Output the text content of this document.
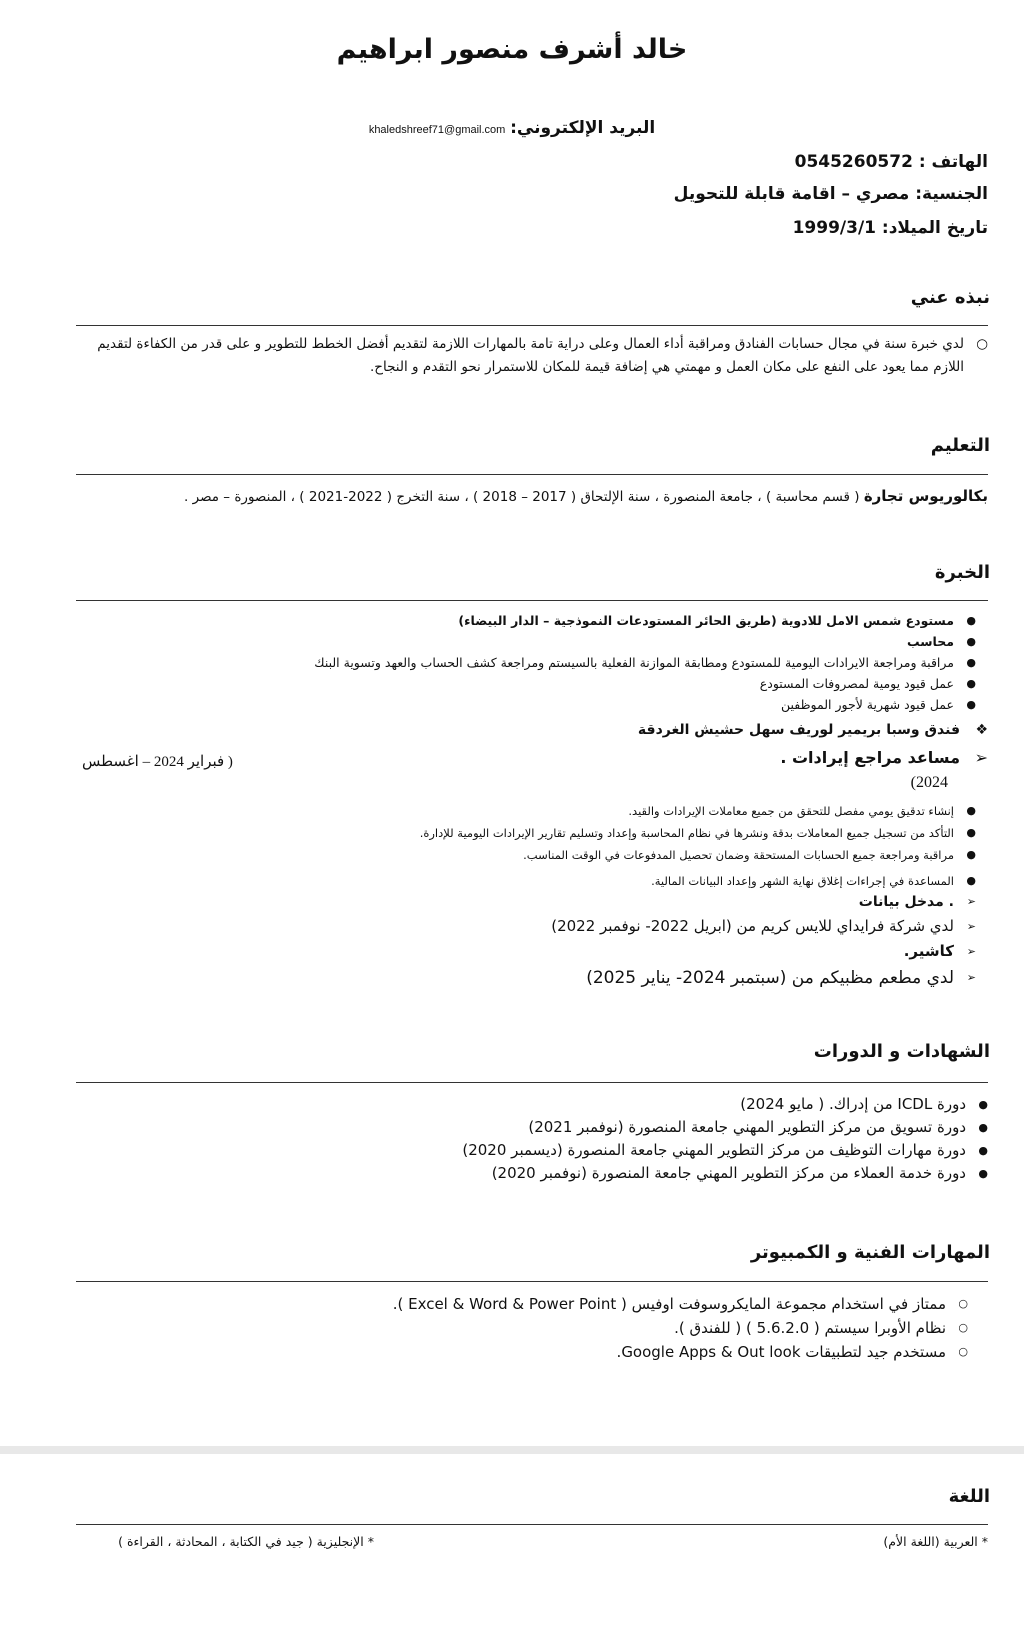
خالد أشرف منصور ابراهيم
البريد الإلكتروني: khaledshreef71@gmail.com
الهاتف : 0545260572
الجنسية: مصري – اقامة قابلة للتحويل
تاريخ الميلاد: 1999/3/1
نبذه عني
○
لدي خبرة سنة في مجال حسابات الفنادق ومراقبة أداء العمال وعلى دراية تامة بالمهارات اللازمة لتقديم أفضل الخطط للتطوير و على قدر من الكفاءة لتقديم
اللازم مما يعود على النفع على مكان العمل و مهمتي هي إضافة قيمة للمكان للاستمرار نحو التقدم و النجاح.
التعليم
بكالوريوس تجارة ( قسم محاسبة ) ، جامعة المنصورة ، سنة الإلتحاق ( 2017 – 2018 ) ، سنة التخرج ( 2022-2021 ) ، المنصورة – مصر .
الخبرة
●
مستودع شمس الامل للادوية (طريق الحائر المستودعات النموذجية – الدار البيضاء)
●
محاسب
●
مراقبة ومراجعة الايرادات اليومية للمستودع ومطابقة الموازنة الفعلية بالسيستم ومراجعة كشف الحساب والعهد وتسوية البنك
●
عمل قيود يومية لمصروفات المستودع
●
عمل قيود شهرية لأجور الموظفين
❖
فندق وسبا بريمير لوريف سهل حشيش الغردقة
➢
مساعد مراجع إيرادات .
( فبراير 2024 – اغسطس
2024)
●
إنشاء تدقيق يومي مفصل للتحقق من جميع معاملات الإيرادات والقيد.
●
التأكد من تسجيل جميع المعاملات بدقة ونشرها في نظام المحاسبة وإعداد وتسليم تقارير الإيرادات اليومية للإدارة.
●
مراقبة ومراجعة جميع الحسابات المستحقة وضمان تحصيل المدفوعات في الوقت المناسب.
●
المساعدة في إجراءات إغلاق نهاية الشهر وإعداد البيانات المالية.
➢
. مدخل بيانات
➢
لدي شركة فرايداي للايس كريم من (ابريل 2022- نوفمبر 2022)
➢
كاشير.
➢
لدي مطعم مظبيكم من (سبتمبر 2024- يناير 2025)
الشهادات و الدورات
●
دورة ICDL من إدراك. ( مايو 2024)
●
دورة تسويق من مركز التطوير المهني جامعة المنصورة (نوفمبر 2021)
●
دورة مهارات التوظيف من مركز التطوير المهني جامعة المنصورة (ديسمبر 2020)
●
دورة خدمة العملاء من مركز التطوير المهني جامعة المنصورة (نوفمبر 2020)
المهارات الفنية و الكمبيوتر
○
ممتاز في استخدام مجموعة المايكروسوفت اوفيس ( Excel & Word & Power Point ).
○
نظام الأوبرا سيستم ( 5.6.2.0 ) ( للفندق ).
○
مستخدم جيد لتطبيقات Google Apps & Out look.
اللغة
* العربية (اللغة الأم)
* الإنجليزية ( جيد في الكتابة ، المحادثة ، القراءة )
